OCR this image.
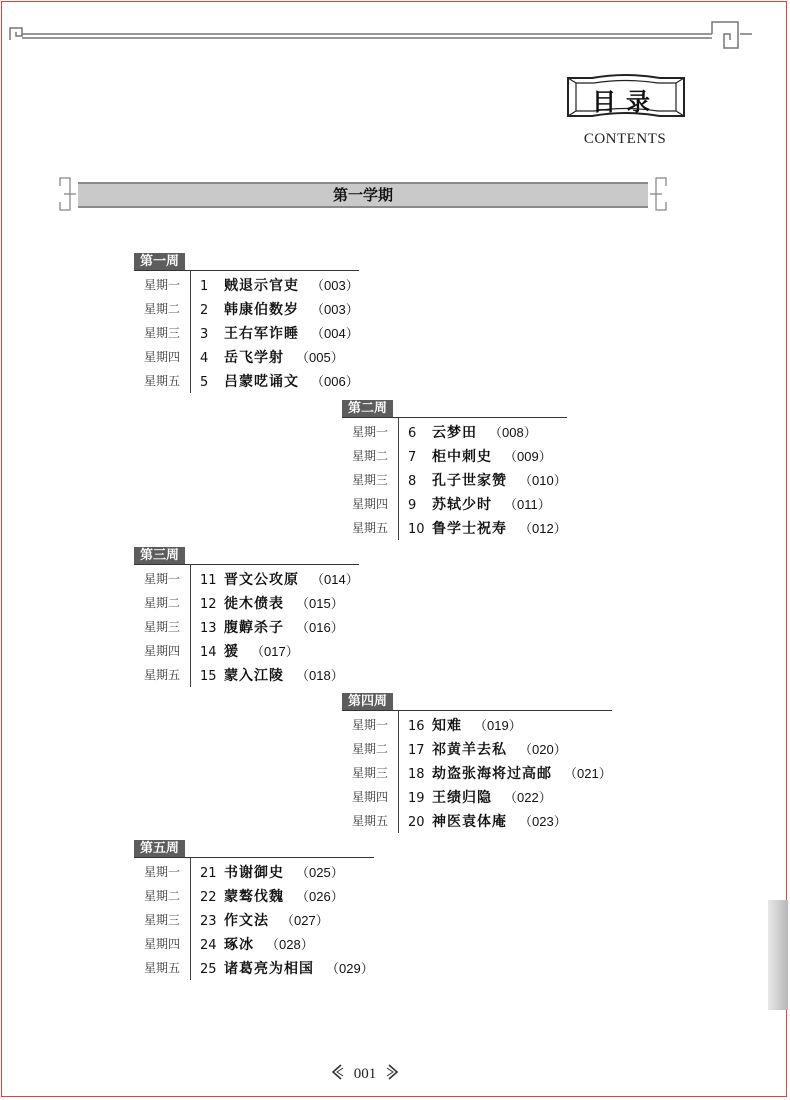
目录
CONTENTS
第一学期
第一周
星期一 1 贼退示官吏 （003）
星期二 2 韩康伯数岁 （003）
星期三 3 王右军诈睡 （004）
星期四 4 岳飞学射 （005）
星期五 5 吕蒙呓诵文 （006）
第二周
星期一 6 云梦田 （008）
星期二 7 柜中刺史 （009）
星期三 8 孔子世家赞 （010）
星期四 9 苏轼少时 （011）
星期五 10 鲁学士祝寿 （012）
第三周
星期一 11 晋文公攻原 （014）
星期二 12 徙木偾表 （015）
星期三 13 腹䵍杀子 （016）
星期四 14 猨 （017）
星期五 15 蒙入江陵 （018）
第四周
星期一 16 知难 （019）
星期二 17 祁黄羊去私 （020）
星期三 18 劫盗张海将过高邮 （021）
星期四 19 王绩归隐 （022）
星期五 20 神医袁体庵 （023）
第五周
星期一 21 书谢御史 （025）
星期二 22 蒙骜伐魏 （026）
星期三 23 作文法 （027）
星期四 24 琢冰 （028）
星期五 25 诸葛亮为相国 （029）
001
